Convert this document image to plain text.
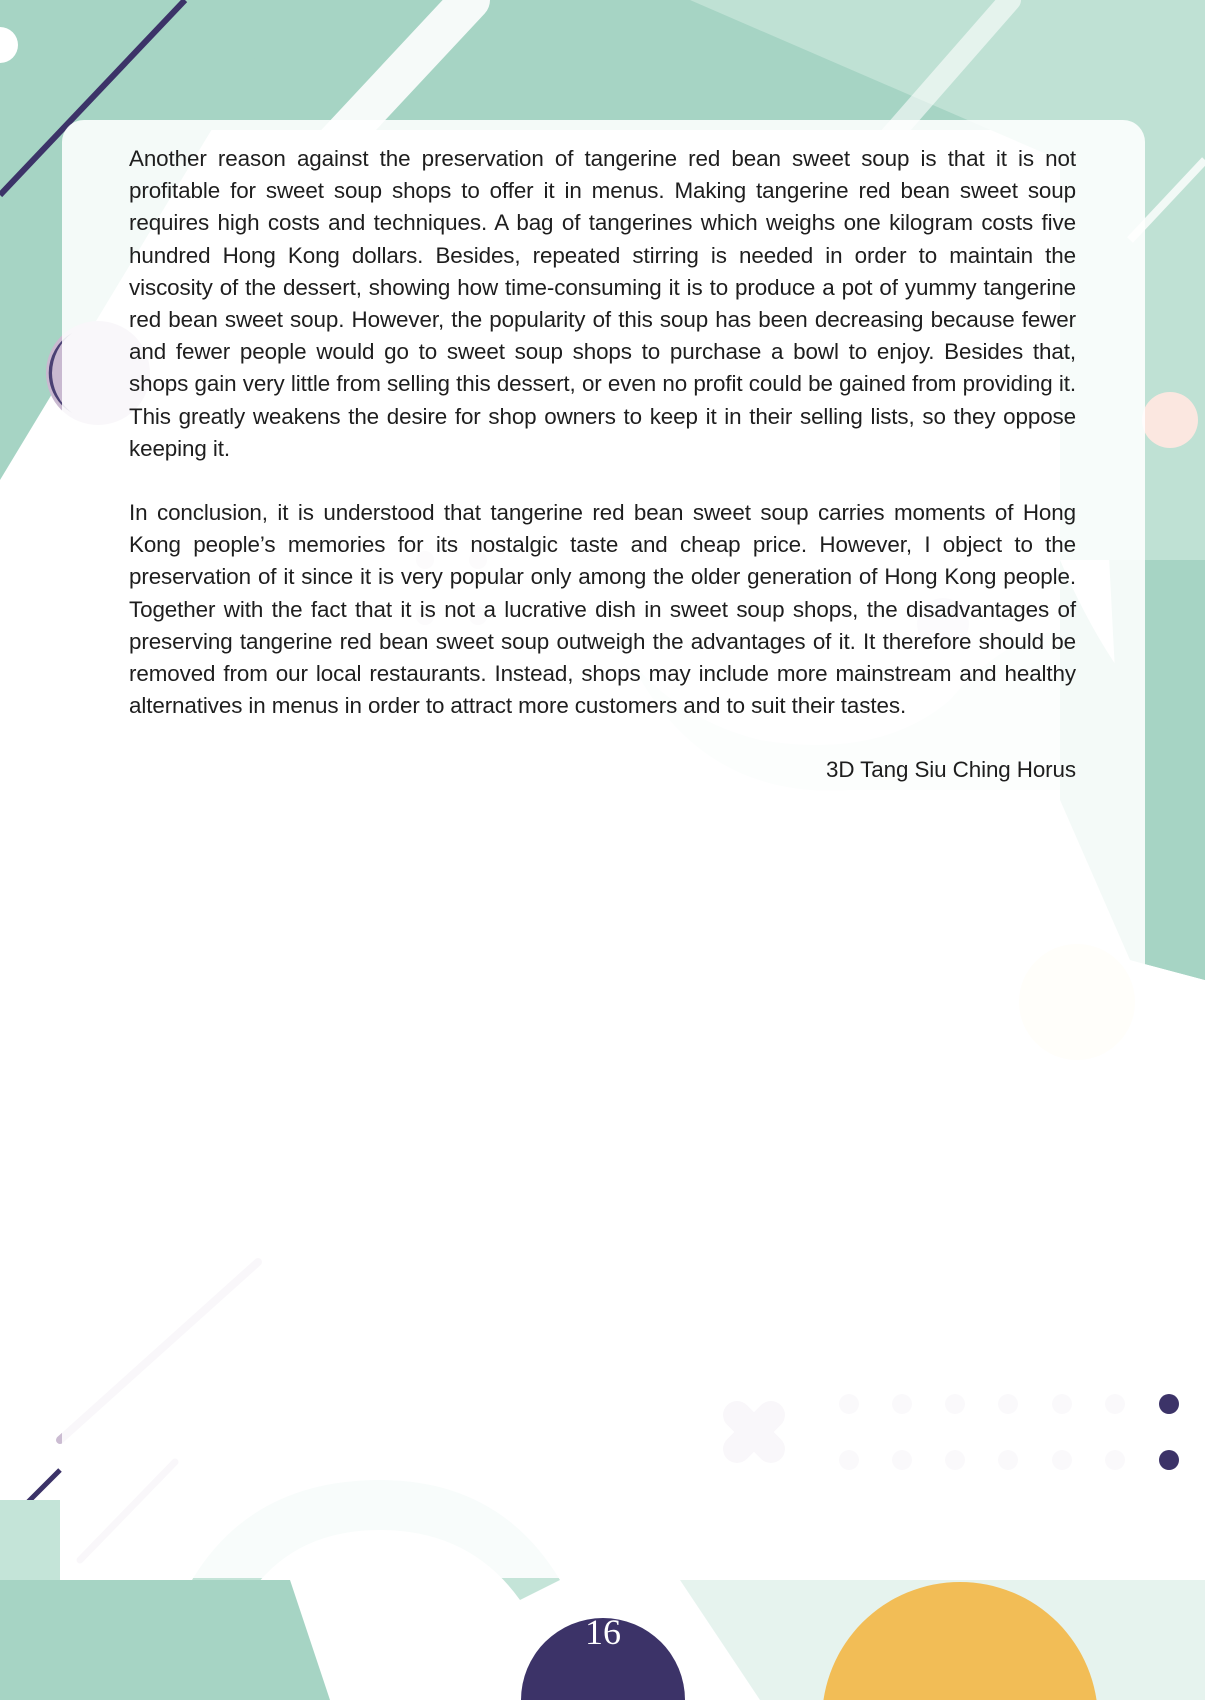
Another reason against the preservation of tangerine red bean sweet soup is that it is not profitable for sweet soup shops to offer it in menus. Making tangerine red bean sweet soup requires high costs and techniques. A bag of tangerines which weighs one kilogram costs five hundred Hong Kong dollars. Besides, repeated stirring is needed in order to maintain the viscosity of the dessert, showing how time-consuming it is to produce a pot of yummy tangerine red bean sweet soup. However, the popularity of this soup has been decreasing because fewer and fewer people would go to sweet soup shops to purchase a bowl to enjoy. Besides that, shops gain very little from selling this dessert, or even no profit could be gained from providing it. This greatly weakens the desire for shop owners to keep it in their selling lists, so they oppose keeping it.

In conclusion, it is understood that tangerine red bean sweet soup carries moments of Hong Kong people’s memories for its nostalgic taste and cheap price. However, I object to the preservation of it since it is very popular only among the older generation of Hong Kong people. Together with the fact that it is not a lucrative dish in sweet soup shops, the disadvantages of preserving tangerine red bean sweet soup outweigh the advantages of it. It therefore should be removed from our local restaurants. Instead, shops may include more mainstream and healthy alternatives in menus in order to attract more customers and to suit their tastes.

3D Tang Siu Ching Horus

16
